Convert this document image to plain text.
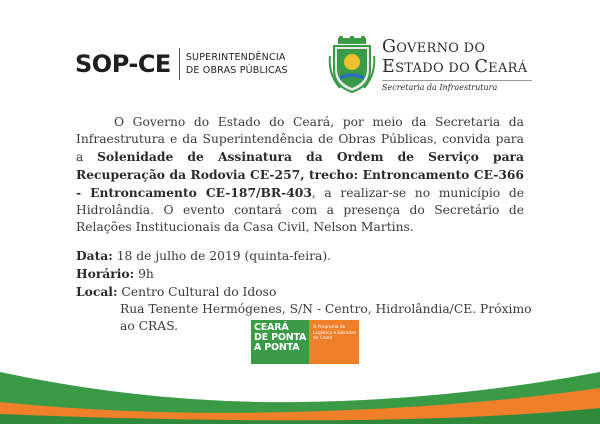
SOP-CE SUPERINTENDÊNCIA
DE OBRAS PÚBLICAS
GOVERNO DO
ESTADO DO CEARÁ
Secretaria da Infraestrutura
O Governo do Estado do Ceará, por meio da Secretaria da Infraestrutura e da Superintendência de Obras Públicas, convida para a Solenidade de Assinatura da Ordem de Serviço para Recuperação da Rodovia CE-257, trecho: Entroncamento CE-366 - Entroncamento CE-187/BR-403, a realizar-se no município de Hidrolândia. O evento contará com a presença do Secretário de Relações Institucionais da Casa Civil, Nelson Martins.
Data: 18 de julho de 2019 (quinta-feira).
Horário: 9h
Local: Centro Cultural do Idoso
Rua Tenente Hermógenes, S/N - Centro, Hidrolândia/CE. Próximo ao CRAS.	CEARÁ
DE PONTA
A PONTA
O Programa de Logística e Estradas do Ceará
